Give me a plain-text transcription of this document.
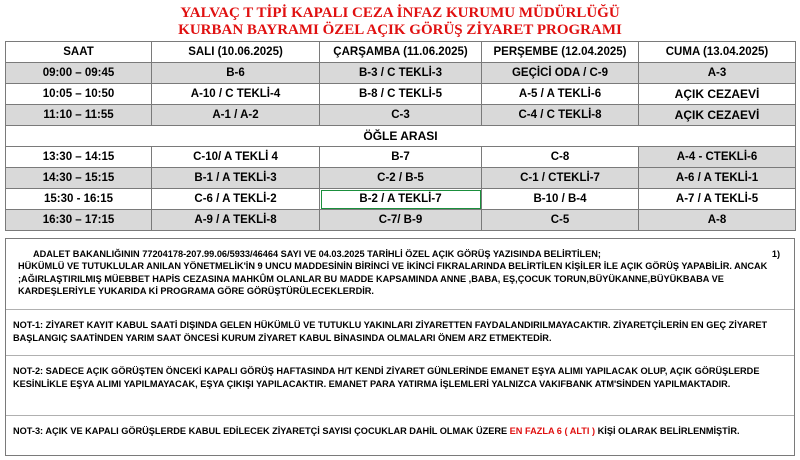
YALVAÇ T TİPİ KAPALI CEZA İNFAZ KURUMU MÜDÜRLÜĞÜ
KURBAN BAYRAMI ÖZEL AÇIK GÖRÜŞ ZİYARET PROGRAMI
SAAT	SALI (10.06.2025)	ÇARŞAMBA (11.06.2025)	PERŞEMBE (12.04.2025)	CUMA (13.04.2025)
09:00 – 09:45	B-6	B-3 / C TEKLİ-3	GEÇİCİ ODA / C-9	A-3
10:05 – 10:50	A-10 / C TEKLİ-4	B-8 / C TEKLİ-5	A-5 / A TEKLİ-6	AÇIK CEZAEVİ
11:10 – 11:55	A-1 / A-2	C-3	C-4 / C TEKLİ-8	AÇIK CEZAEVİ
ÖĞLE ARASI				
13:30 – 14:15	C-10/ A TEKLİ 4	B-7	C-8	A-4 - CTEKLİ-6
14:30 – 15:15	B-1 / A TEKLİ-3	C-2 / B-5	C-1 / CTEKLİ-7	A-6 / A TEKLİ-1
15:30 - 16:15	C-6 / A TEKLİ-2	B-2 / A TEKLİ-7	B-10 / B-4	A-7 / A TEKLİ-5
16:30 – 17:15	A-9 / A TEKLİ-8	C-7/ B-9	C-5	A-8
ADALET BAKANLIĞININ 77204178-207.99.06/5933/46464 SAYI VE 04.03.2025 TARİHLİ ÖZEL AÇIK GÖRÜŞ YAZISINDA BELİRTİLEN;	1)
HÜKÜMLÜ VE TUTUKLULAR ANILAN YÖNETMELİK'İN 9 UNCU MADDESİNİN BİRİNCİ VE İKİNCİ FIKRALARINDA BELİRTİLEN KİŞİLER İLE AÇIK GÖRÜŞ YAPABİLİR. ANCAK ;AĞIRLAŞTIRILMIŞ MÜEBBET HAPİS CEZASINA MAHKÛM OLANLAR BU MADDE KAPSAMINDA ANNE ,BABA, EŞ,ÇOCUK TORUN,BÜYÜKANNE,BÜYÜKBABA VE KARDEŞLERİYLE YUKARIDA Kİ PROGRAMA GÖRE GÖRÜŞTÜRÜLECEKLERDİR.
NOT-1: ZİYARET KAYIT KABUL SAATİ DIŞINDA GELEN HÜKÜMLÜ VE TUTUKLU YAKINLARI ZİYARETTEN FAYDALANDIRILMAYACAKTIR. ZİYARETÇİLERİN EN GEÇ ZİYARET BAŞLANGIÇ SAATİNDEN YARIM SAAT ÖNCESİ KURUM ZİYARET KABUL BİNASINDA OLMALARI ÖNEM ARZ ETMEKTEDİR.
NOT-2: SADECE AÇIK GÖRÜŞTEN ÖNCEKİ KAPALI GÖRÜŞ HAFTASINDA H/T KENDİ ZİYARET GÜNLERİNDE EMANET EŞYA ALIMI YAPILACAK OLUP, AÇIK GÖRÜŞLERDE KESİNLİKLE EŞYA ALIMI YAPILMAYACAK, EŞYA ÇIKIŞI YAPILACAKTIR. EMANET PARA YATIRMA İŞLEMLERİ YALNIZCA VAKIFBANK ATM'SİNDEN YAPILMAKTADIR.
NOT-3: AÇIK VE KAPALI GÖRÜŞLERDE KABUL EDİLECEK ZİYARETÇİ SAYISI ÇOCUKLAR DAHİL OLMAK ÜZERE EN FAZLA 6 ( ALTI ) KİŞİ OLARAK BELİRLENMİŞTİR.
